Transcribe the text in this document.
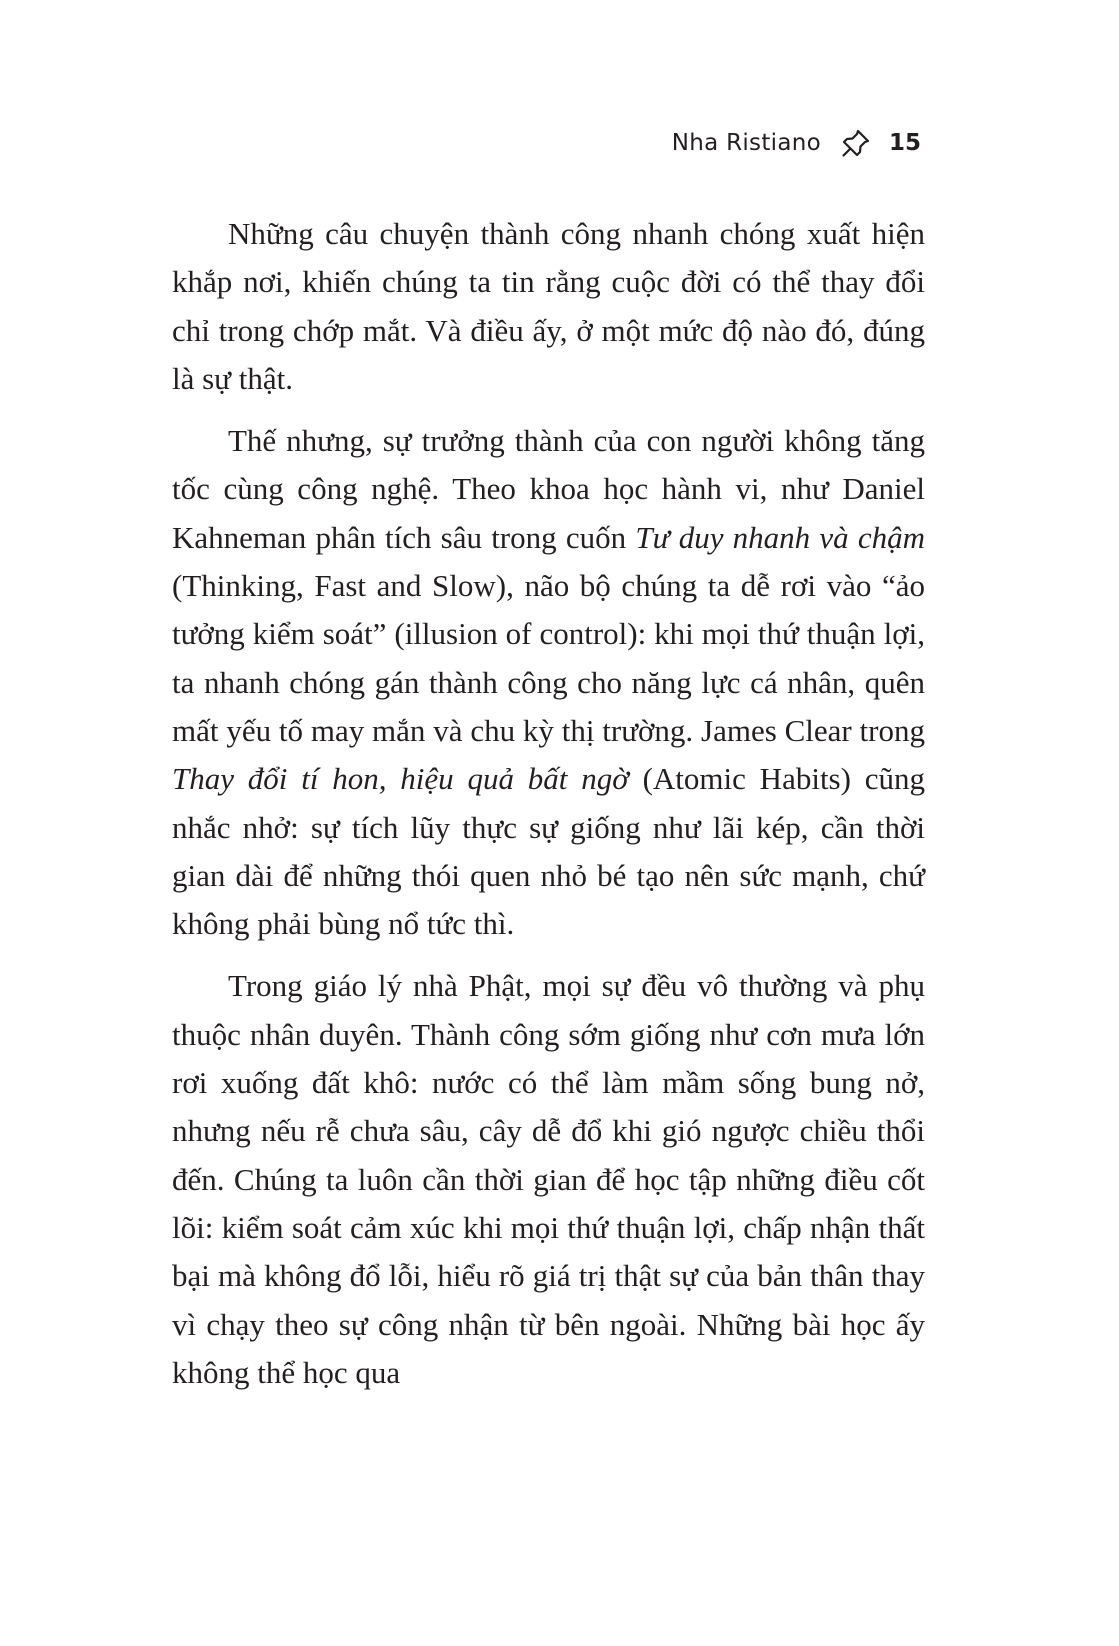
Nha Ristiano	15

Những câu chuyện thành công nhanh chóng xuất hiện khắp nơi, khiến chúng ta tin rằng cuộc đời có thể thay đổi chỉ trong chớp mắt. Và điều ấy, ở một mức độ nào đó, đúng là sự thật.

Thế nhưng, sự trưởng thành của con người không tăng tốc cùng công nghệ. Theo khoa học hành vi, như Daniel Kahneman phân tích sâu trong cuốn Tư duy nhanh và chậm (Thinking, Fast and Slow), não bộ chúng ta dễ rơi vào “ảo tưởng kiểm soát” (illusion of control): khi mọi thứ thuận lợi, ta nhanh chóng gán thành công cho năng lực cá nhân, quên mất yếu tố may mắn và chu kỳ thị trường. James Clear trong Thay đổi tí hon, hiệu quả bất ngờ (Atomic Habits) cũng nhắc nhở: sự tích lũy thực sự giống như lãi kép, cần thời gian dài để những thói quen nhỏ bé tạo nên sức mạnh, chứ không phải bùng nổ tức thì.

Trong giáo lý nhà Phật, mọi sự đều vô thường và phụ thuộc nhân duyên. Thành công sớm giống như cơn mưa lớn rơi xuống đất khô: nước có thể làm mầm sống bung nở, nhưng nếu rễ chưa sâu, cây dễ đổ khi gió ngược chiều thổi đến. Chúng ta luôn cần thời gian để học tập những điều cốt lõi: kiểm soát cảm xúc khi mọi thứ thuận lợi, chấp nhận thất bại mà không đổ lỗi, hiểu rõ giá trị thật sự của bản thân thay vì chạy theo sự công nhận từ bên ngoài. Những bài học ấy không thể học qua
